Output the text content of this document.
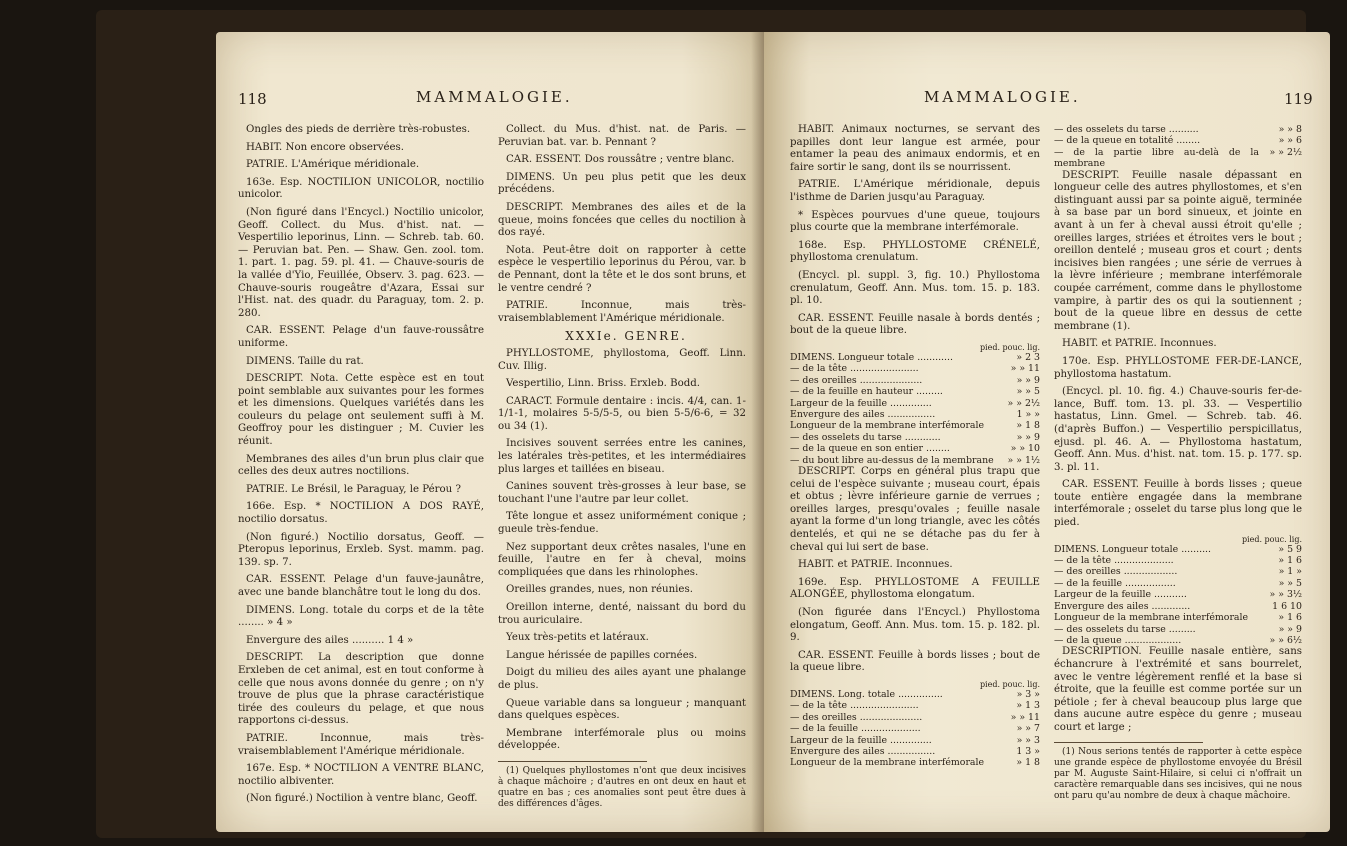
118	MAMMALOGIE.

Ongles des pieds de derrière très-robustes.

HABIT. Non encore observées.

PATRIE. L'Amérique méridionale.

163e. Esp. NOCTILION UNICOLOR, noctilio unicolor.

(Non figuré dans l'Encycl.) Noctilio unicolor, Geoff. Collect. du Mus. d'hist. nat. — Vespertilio leporinus, Linn. — Schreb. tab. 60. — Peruvian bat. Pen. — Shaw. Gen. zool. tom. 1. part. 1. pag. 59. pl. 41. — Chauve-souris de la vallée d'Yio, Feuillée, Observ. 3. pag. 623. — Chauve-souris rougeâtre d'Azara, Essai sur l'Hist. nat. des quadr. du Paraguay, tom. 2. p. 280.

CAR. ESSENT. Pelage d'un fauve-roussâtre uniforme.

DIMENS. Taille du rat.

DESCRIPT. Nota. Cette espèce est en tout point semblable aux suivantes pour les formes et les dimensions. Quelques variétés dans les couleurs du pelage ont seulement suffi à M. Geoffroy pour les distinguer ; M. Cuvier les réunit.

Membranes des ailes d'un brun plus clair que celles des deux autres noctilions.

PATRIE. Le Brésil, le Paraguay, le Pérou ?

166e. Esp. * NOCTILION A DOS RAYÉ, noctilio dorsatus.

(Non figuré.) Noctilio dorsatus, Geoff. — Pteropus leporinus, Erxleb. Syst. mamm. pag. 139. sp. 7.

CAR. ESSENT. Pelage d'un fauve-jaunâtre, avec une bande blanchâtre tout le long du dos.

DIMENS. Long. totale du corps et de la tête ........ » 4 »

Envergure des ailes .......... 1 4 »

DESCRIPT. La description que donne Erxleben de cet animal, est en tout conforme à celle que nous avons donnée du genre ; on n'y trouve de plus que la phrase caractéristique tirée des couleurs du pelage, et que nous rapportons ci-dessus.

PATRIE. Inconnue, mais très-vraisemblablement l'Amérique méridionale.

167e. Esp. * NOCTILION A VENTRE BLANC, noctilio albiventer.

(Non figuré.) Noctilion à ventre blanc, Geoff.

Collect. du Mus. d'hist. nat. de Paris. — Peruvian bat. var. b. Pennant ?

CAR. ESSENT. Dos roussâtre ; ventre blanc.

DIMENS. Un peu plus petit que les deux précédens.

DESCRIPT. Membranes des ailes et de la queue, moins foncées que celles du noctilion à dos rayé.

Nota. Peut-être doit on rapporter à cette espèce le vespertilio leporinus du Pérou, var. b de Pennant, dont la tête et le dos sont bruns, et le ventre cendré ?

PATRIE. Inconnue, mais très-vraisemblablement l'Amérique méridionale.

XXXIe. GENRE.

PHYLLOSTOME, phyllostoma, Geoff. Linn. Cuv. Illig.

Vespertilio, Linn. Briss. Erxleb. Bodd.

CARACT. Formule dentaire : incis. 4/4, can. 1-1/1-1, molaires 5-5/5-5, ou bien 5-5/6-6, = 32 ou 34 (1).

Incisives souvent serrées entre les canines, les latérales très-petites, et les intermédiaires plus larges et taillées en biseau.

Canines souvent très-grosses à leur base, se touchant l'une l'autre par leur collet.

Tête longue et assez uniformément conique ; gueule très-fendue.

Nez supportant deux crêtes nasales, l'une en feuille, l'autre en fer à cheval, moins compliquées que dans les rhinolophes.

Oreilles grandes, nues, non réunies.

Oreillon interne, denté, naissant du bord du trou auriculaire.

Yeux très-petits et latéraux.

Langue hérissée de papilles cornées.

Doigt du milieu des ailes ayant une phalange de plus.

Queue variable dans sa longueur ; manquant dans quelques espèces.

Membrane interfémorale plus ou moins développée.

(1) Quelques phyllostomes n'ont que deux incisives à chaque mâchoire ; d'autres en ont deux en haut et quatre en bas ; ces anomalies sont peut être dues à des différences d'âges.

MAMMALOGIE.	119

HABIT. Animaux nocturnes, se servant des papilles dont leur langue est armée, pour entamer la peau des animaux endormis, et en faire sortir le sang, dont ils se nourrissent.

PATRIE. L'Amérique méridionale, depuis l'isthme de Darien jusqu'au Paraguay.

* Espèces pourvues d'une queue, toujours plus courte que la membrane interfémorale.

168e. Esp. PHYLLOSTOME CRÉNELÉ, phyllostoma crenulatum.

(Encycl. pl. suppl. 3, fig. 10.) Phyllostoma crenulatum, Geoff. Ann. Mus. tom. 15. p. 183. pl. 10.

CAR. ESSENT. Feuille nasale à bords dentés ; bout de la queue libre.

pied. pouc. lig.
DIMENS. Longueur totale ............	» 2 3
— de la tête .......................	» » 11
— des oreilles .....................	» » 9
— de la feuille en hauteur .........	» » 5
Largeur de la feuille ..............	» » 2½
Envergure des ailes ................	1 » »
Longueur de la membrane interfémorale	» 1 8
— des osselets du tarse ............	» » 9
— de la queue en son entier ........	» » 10
— du bout libre au-dessus de la membrane	» » 1½

DESCRIPT. Corps en général plus trapu que celui de l'espèce suivante ; museau court, épais et obtus ; lèvre inférieure garnie de verrues ; oreilles larges, presqu'ovales ; feuille nasale ayant la forme d'un long triangle, avec les côtés dentelés, et qui ne se détache pas du fer à cheval qui lui sert de base.

HABIT. et PATRIE. Inconnues.

169e. Esp. PHYLLOSTOME A FEUILLE ALONGÉE, phyllostoma elongatum.

(Non figurée dans l'Encycl.) Phyllostoma elongatum, Geoff. Ann. Mus. tom. 15. p. 182. pl. 9.

CAR. ESSENT. Feuille à bords lisses ; bout de la queue libre.

pied. pouc. lig.
DIMENS. Long. totale ...............	» 3 »
— de la tête .......................	» 1 3
— des oreilles .....................	» » 11
— de la feuille ....................	» » 7
Largeur de la feuille ..............	» » 3
Envergure des ailes ................	1 3 »
Longueur de la membrane interfémorale	» 1 8
— des osselets du tarse ..........	» » 8
— de la queue en totalité ........	» » 6
— de la partie libre au-delà de la membrane
» » 2½

DESCRIPT. Feuille nasale dépassant en longueur celle des autres phyllostomes, et s'en distinguant aussi par sa pointe aiguë, terminée à sa base par un bord sinueux, et jointe en avant à un fer à cheval aussi étroit qu'elle ; oreilles larges, striées et étroites vers le bout ; oreillon dentelé ; museau gros et court ; dents incisives bien rangées ; une série de verrues à la lèvre inférieure ; membrane interfémorale coupée carrément, comme dans le phyllostome vampire, à partir des os qui la soutiennent ; bout de la queue libre en dessus de cette membrane (1).

HABIT. et PATRIE. Inconnues.

170e. Esp. PHYLLOSTOME FER-DE-LANCE, phyllostoma hastatum.

(Encycl. pl. 10. fig. 4.) Chauve-souris fer-de-lance, Buff. tom. 13. pl. 33. — Vespertilio hastatus, Linn. Gmel. — Schreb. tab. 46. (d'après Buffon.) — Vespertilio perspicillatus, ejusd. pl. 46. A. — Phyllostoma hastatum, Geoff. Ann. Mus. d'hist. nat. tom. 15. p. 177. sp. 3. pl. 11.

CAR. ESSENT. Feuille à bords lisses ; queue toute entière engagée dans la membrane interfémorale ; osselet du tarse plus long que le pied.

pied. pouc. lig.
DIMENS. Longueur totale ..........	» 5 9
— de la tête ....................	» 1 6
— des oreilles ..................	» 1 »
— de la feuille .................	» » 5
Largeur de la feuille ...........	» » 3½
Envergure des ailes .............	1 6 10
Longueur de la membrane interfémorale	» 1 6
— des osselets du tarse .........	» » 9
— de la queue ...................	» » 6½

DESCRIPTION. Feuille nasale entière, sans échancrure à l'extrémité et sans bourrelet, avec le ventre légèrement renflé et la base si étroite, que la feuille est comme portée sur un pétiole ; fer à cheval beaucoup plus large que dans aucune autre espèce du genre ; museau court et large ;

(1) Nous serions tentés de rapporter à cette espèce une grande espèce de phyllostome envoyée du Brésil par M. Auguste Saint-Hilaire, si celui ci n'offrait un caractère remarquable dans ses incisives, qui ne nous ont paru qu'au nombre de deux à chaque mâchoire.
